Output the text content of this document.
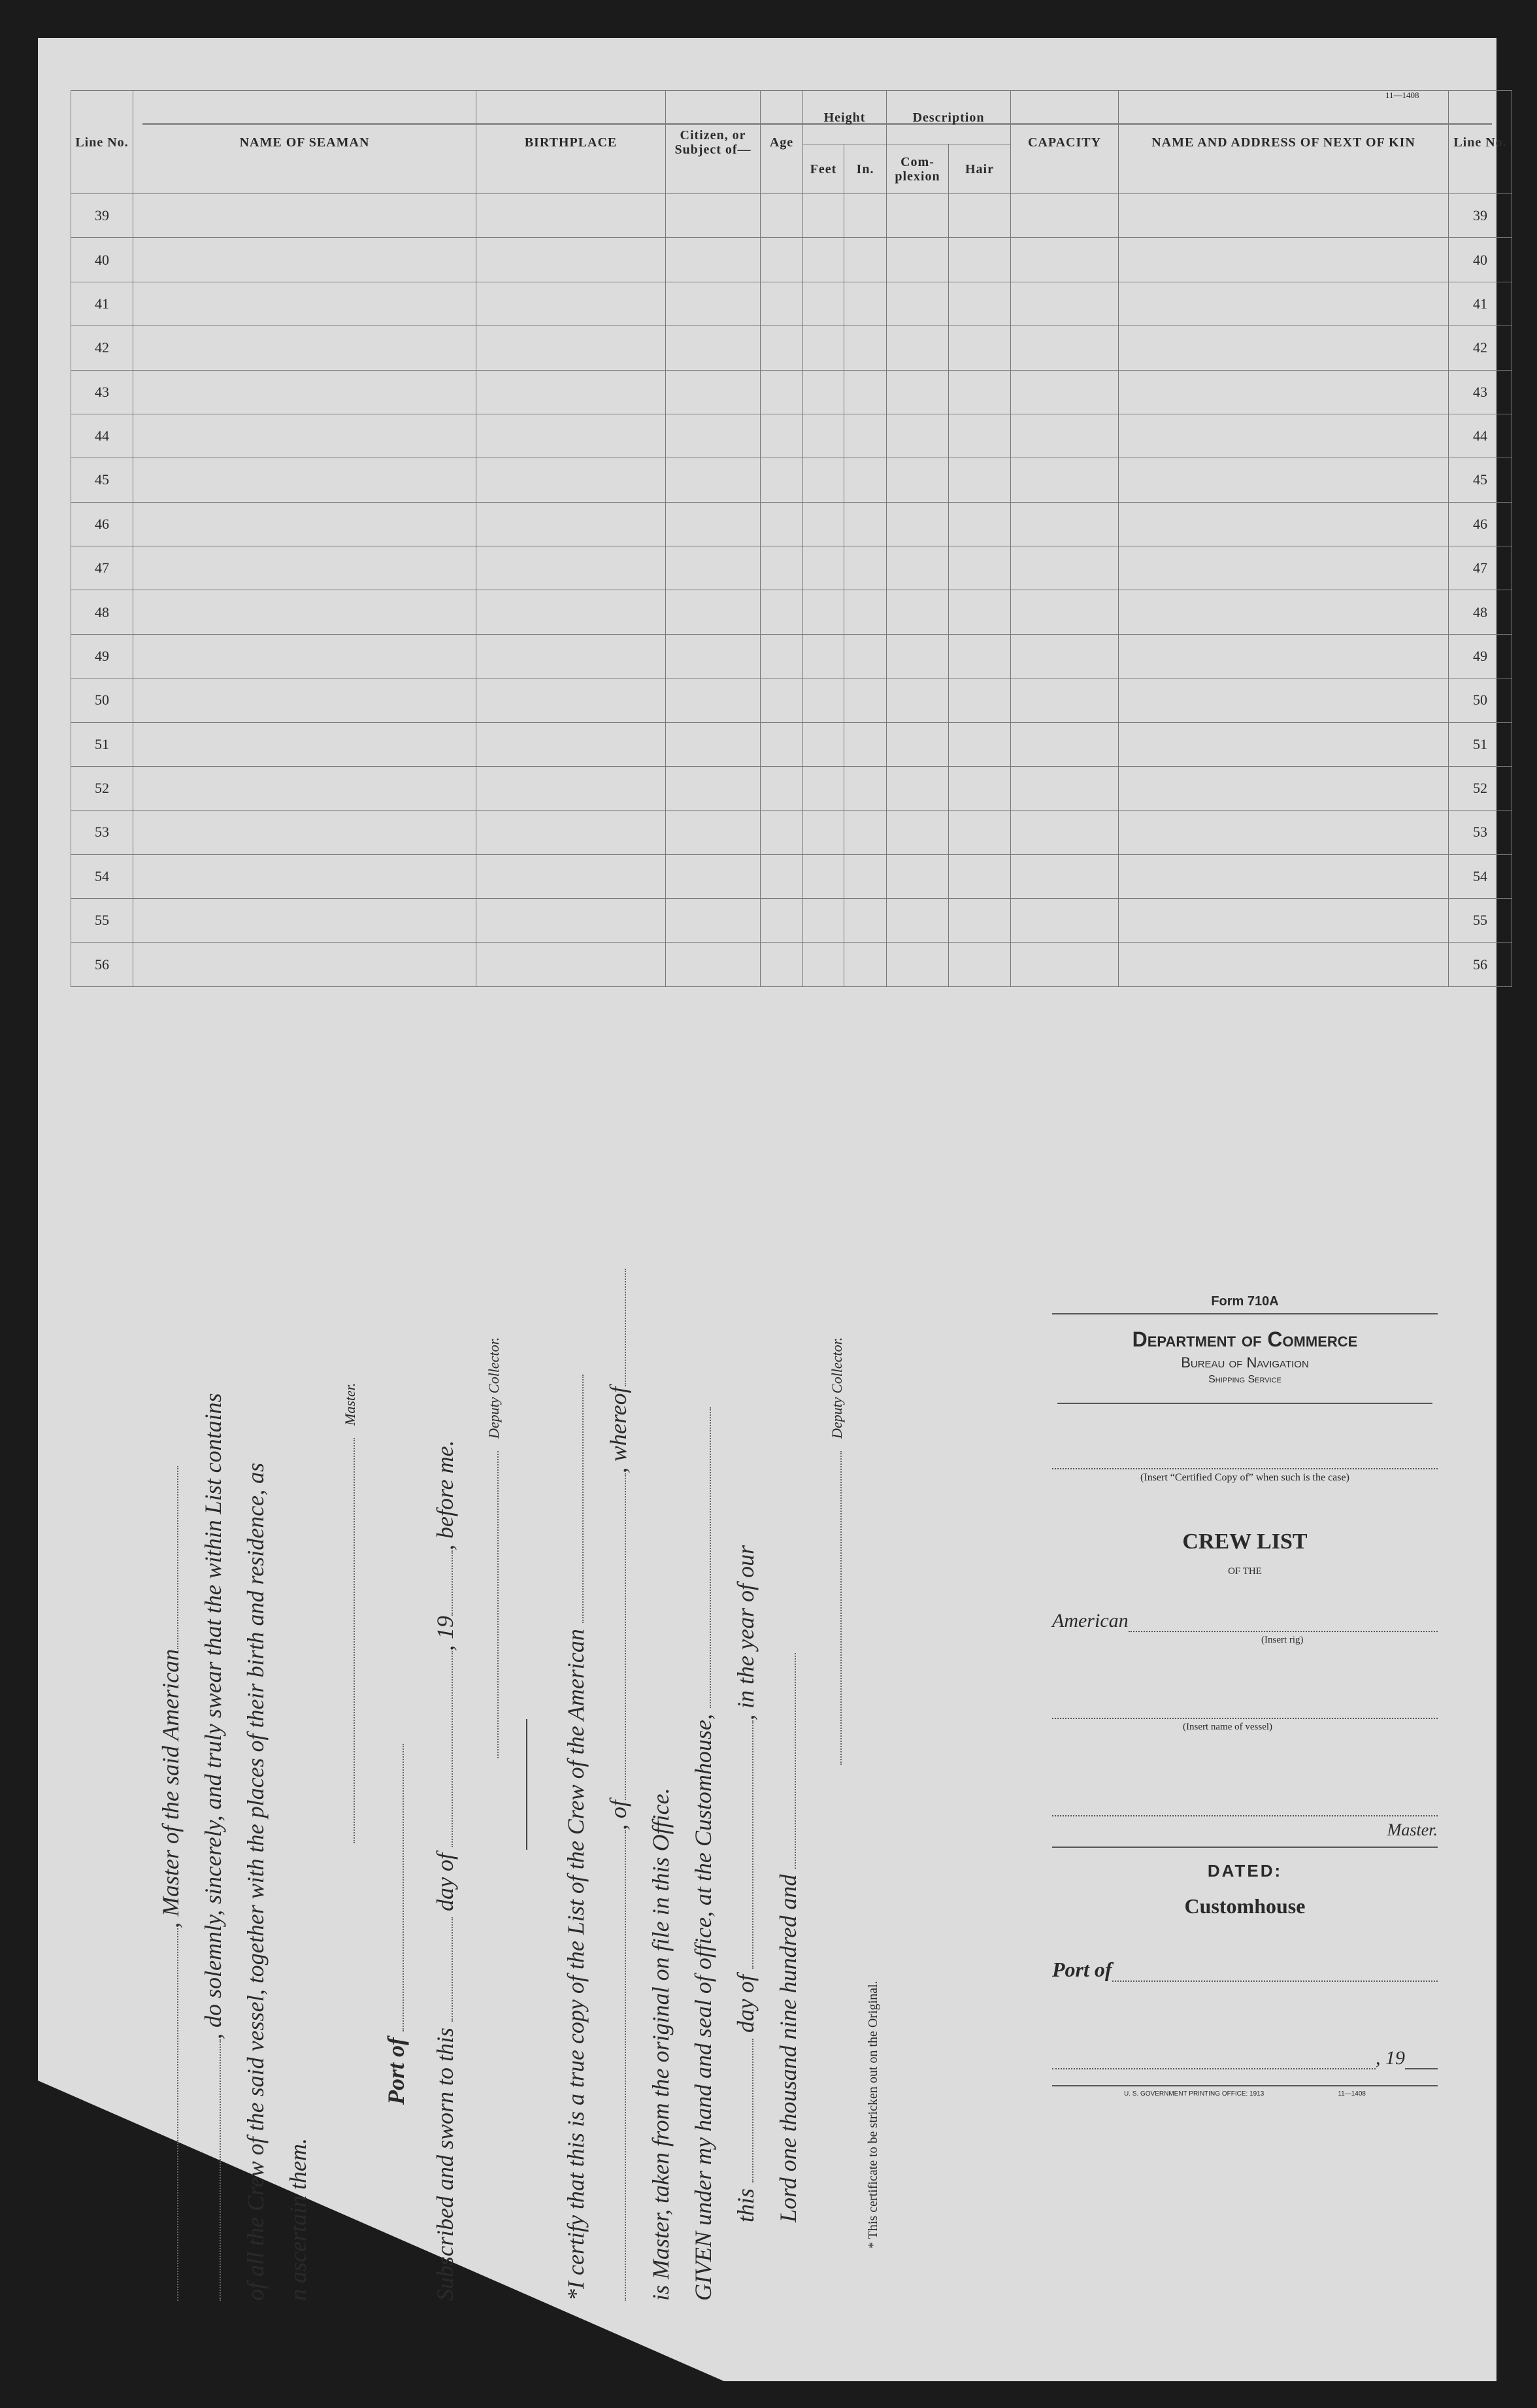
11—1408
Line No.	NAME OF SEAMAN	BIRTHPLACE	Citizen, or Subject of—	Age	Height		Description		CAPACITY	NAME AND ADDRESS OF NEXT OF KIN	Line No.
					Feet	In.	Com- plexion	Hair			
39											39
40											40
41											41
42											42
43											43
44											44
45											45
46											46
47											47
48											48
49											49
50											50
51											51
52											52
53											53
54											54
55											55
56											56
, Master of the said American , do solemnly, sincerely, and truly swear that the within List contains of all the Crew of the said vessel, together with the places of their birth and residence, as n ascertain them.
Master.
Port of Subscribed and sworn to this  day of , 19, before me.
Deputy Collector.
*I certify that this is a true copy of the List of the Crew of the American , of, whereof
is Master, taken from the original on file in this Office. GIVEN under my hand and seal of office, at the Customhouse, this  day of , in the year of our
Lord one thousand nine hundred and
Deputy Collector.
* This certificate to be stricken out on the Original.
Form 710A
Department of Commerce
Bureau of Navigation
Shipping Service
(Insert “Certified Copy of” when such is the case)
CREW LIST
OF THE
American
(Insert rig)
(Insert name of vessel)
Master.
DATED:
Customhouse
Port of
, 19
U. S. GOVERNMENT PRINTING OFFICE: 1913	11—1408
